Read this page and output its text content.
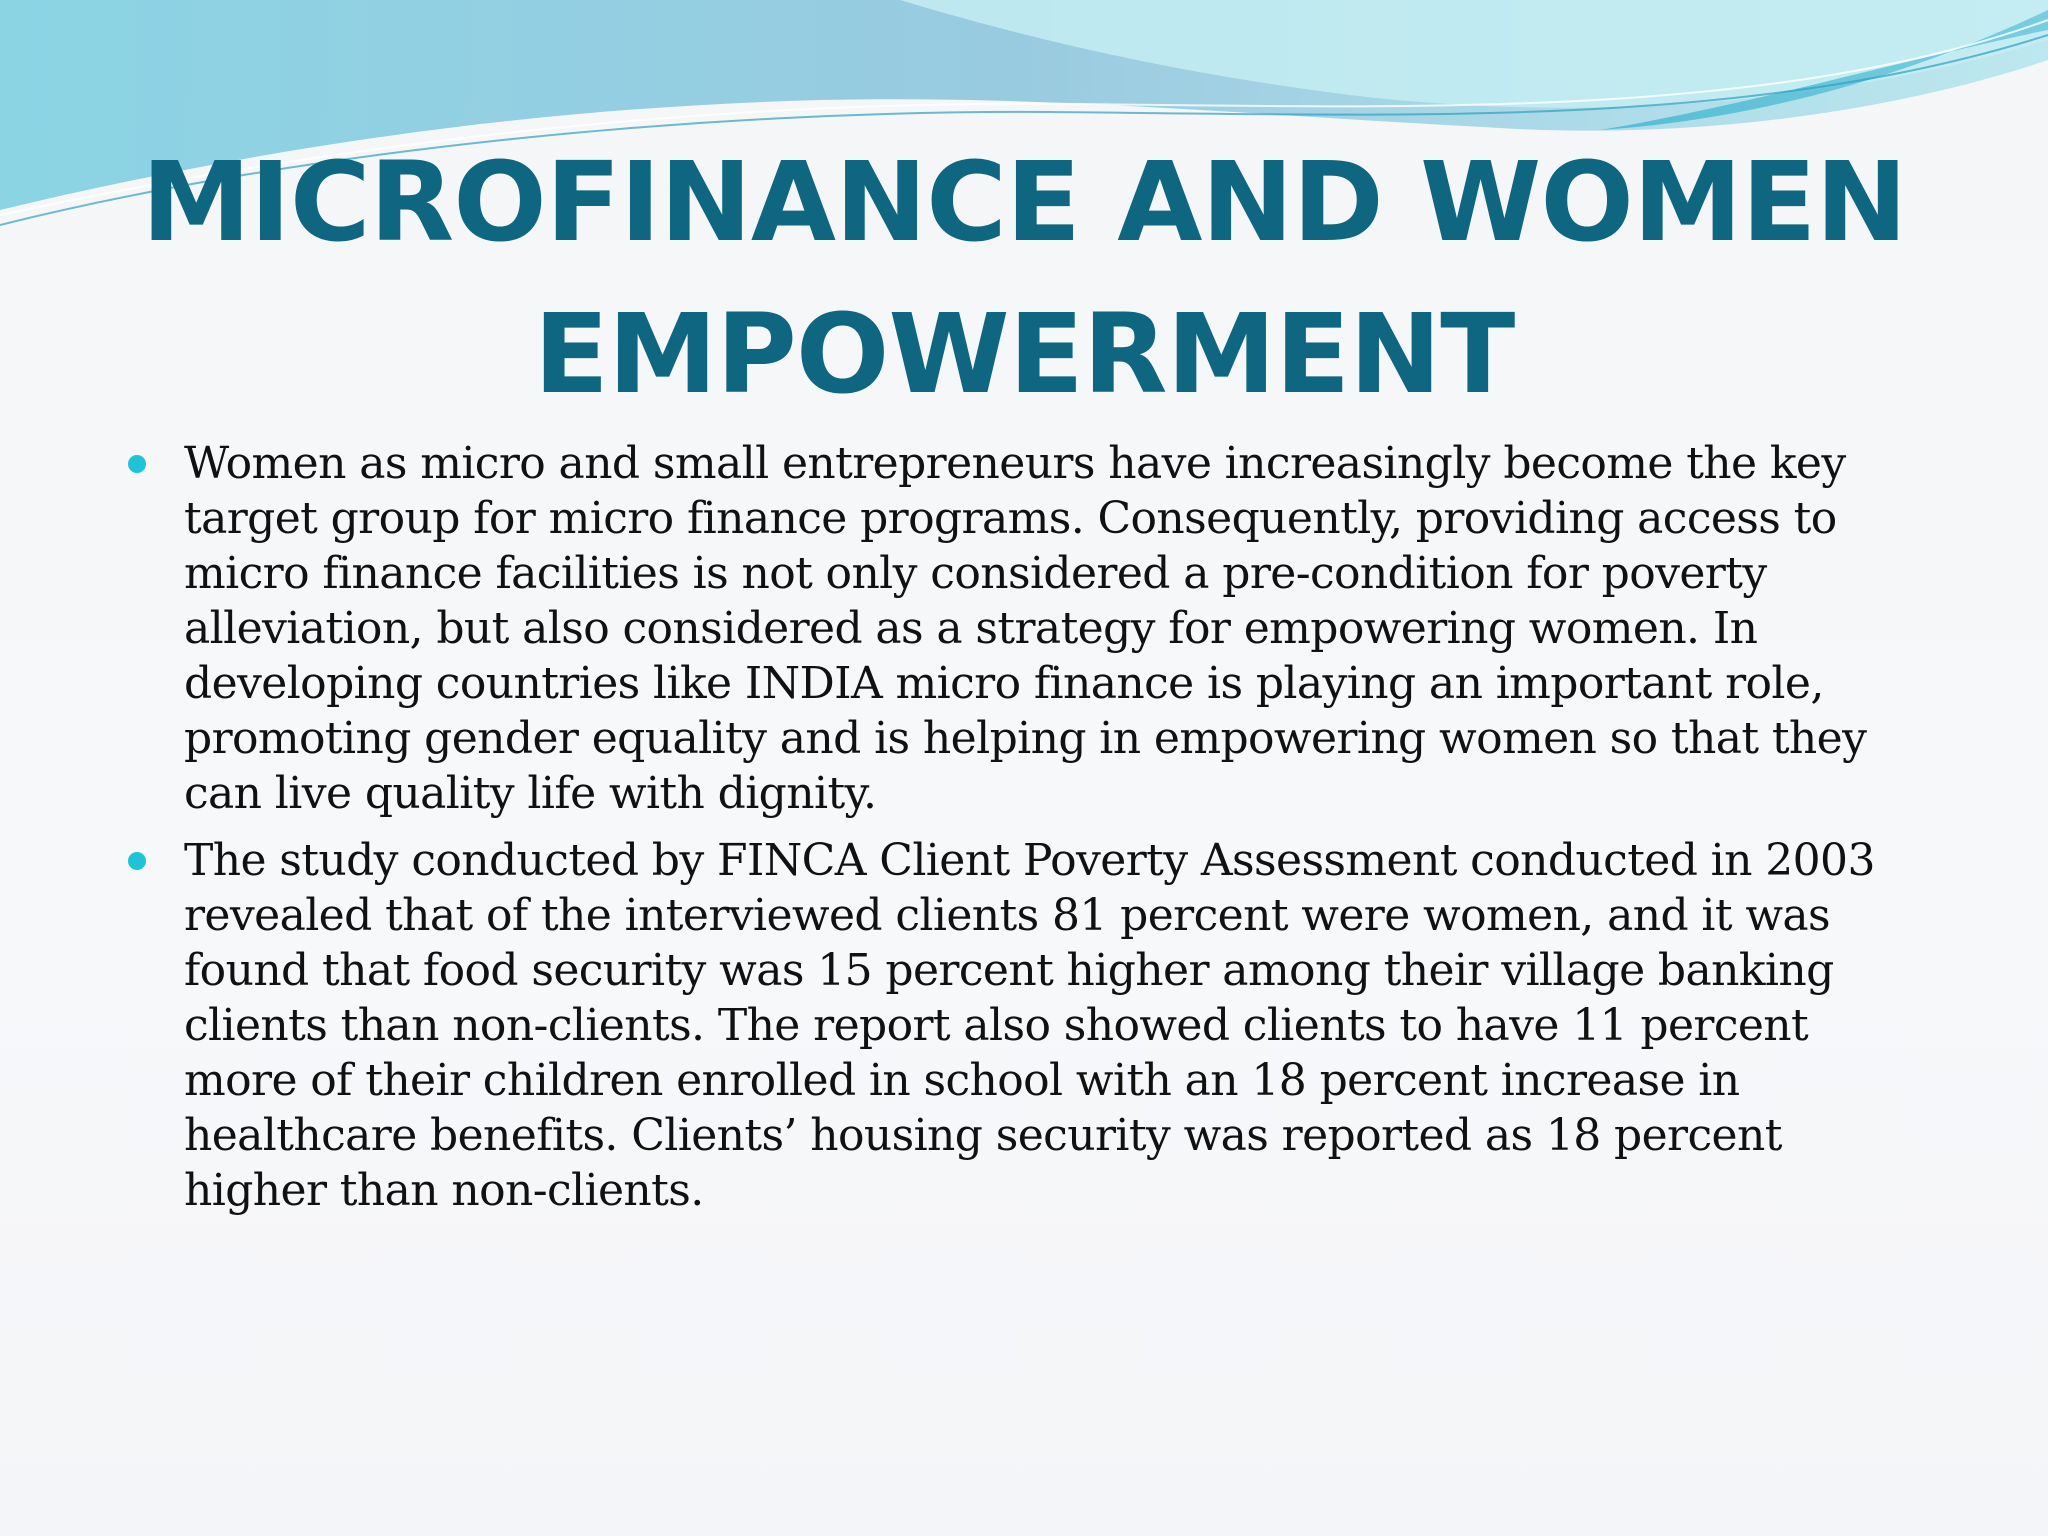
MICROFINANCE AND WOMEN EMPOWERMENT
Women as micro and small entrepreneurs have increasingly become the key target group for micro finance programs. Consequently, providing access to micro finance facilities is not only considered a pre-condition for poverty alleviation, but also considered as a strategy for empowering women. In developing countries like INDIA micro finance is playing an important role, promoting gender equality and is helping in empowering women so that they can live quality life with dignity.
The study conducted by FINCA Client Poverty Assessment conducted in 2003 revealed that of the interviewed clients 81 percent were women, and it was found that food security was 15 percent higher among their village banking clients than non-clients. The report also showed clients to have 11 percent more of their children enrolled in school with an 18 percent increase in healthcare benefits. Clients’ housing security was reported as 18 percent higher than non-clients.
